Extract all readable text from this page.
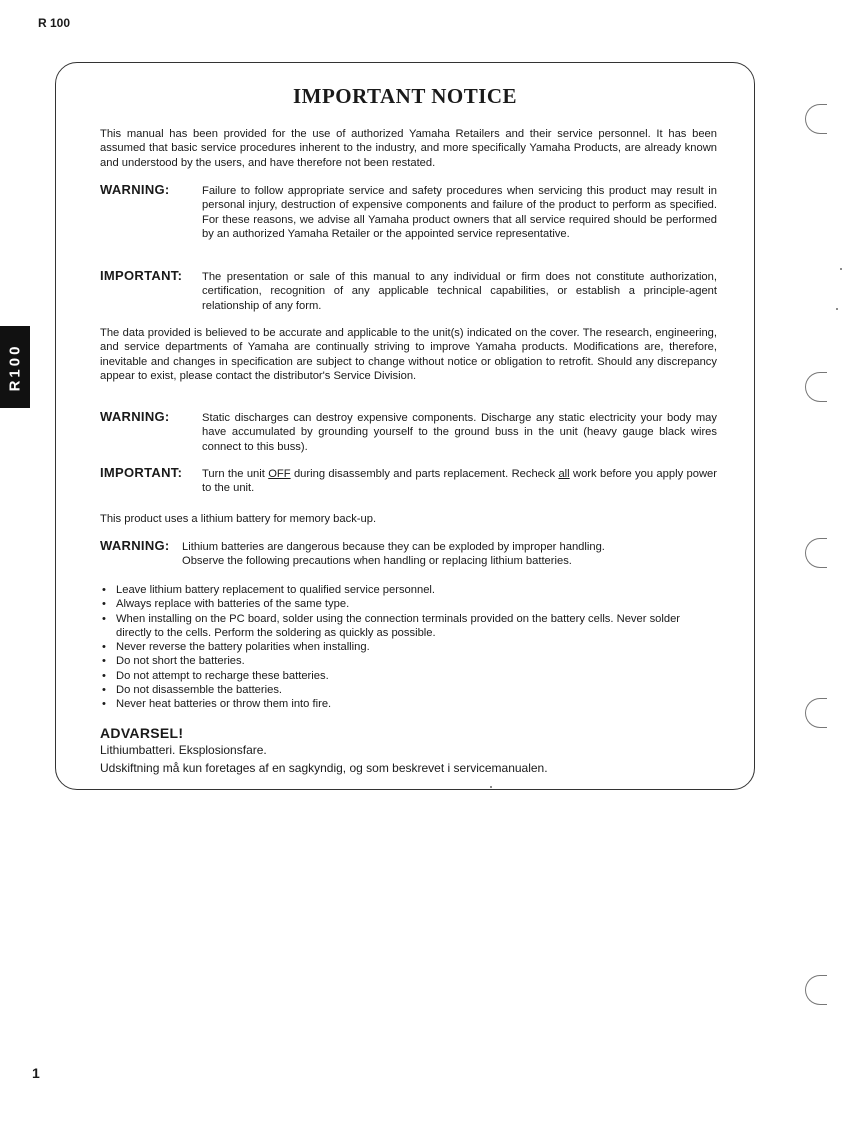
R 100
R100
IMPORTANT NOTICE

This manual has been provided for the use of authorized Yamaha Retailers and their service personnel. It has been assumed that basic service procedures inherent to the industry, and more specifically Yamaha Products, are already known and understood by the users, and have therefore not been restated.

WARNING:	Failure to follow appropriate service and safety procedures when servicing this product may result in personal injury, destruction of expensive components and failure of the product to perform as specified. For these reasons, we advise all Yamaha product owners that all service required should be performed by an authorized Yamaha Retailer or the appointed service representative.

IMPORTANT: The presentation or sale of this manual to any individual or firm does not constitute authorization, certification, recognition of any applicable technical capabilities, or establish a principle-agent relationship of any form.

The data provided is believed to be accurate and applicable to the unit(s) indicated on the cover. The research, engineering, and service departments of Yamaha are continually striving to improve Yamaha products. Modifications are, therefore, inevitable and changes in specification are subject to change without notice or obligation to retrofit. Should any discrepancy appear to exist, please contact the distributor's Service Division.

WARNING:	Static discharges can destroy expensive components. Discharge any static electricity your body may have accumulated by grounding yourself to the ground buss in the unit (heavy gauge black wires connect to this buss).

IMPORTANT: Turn the unit OFF during disassembly and parts replacement. Recheck all work before you apply power to the unit.

This product uses a lithium battery for memory back-up.

WARNING: Lithium batteries are dangerous because they can be exploded by improper handling.
Observe the following precautions when handling or replacing lithium batteries.

• Leave lithium battery replacement to qualified service personnel.
• Always replace with batteries of the same type.
• When installing on the PC board, solder using the connection terminals provided on the battery cells. Never solder directly to the cells. Perform the soldering as quickly as possible.
• Never reverse the battery polarities when installing.
• Do not short the batteries.
• Do not attempt to recharge these batteries.
• Do not disassemble the batteries.
• Never heat batteries or throw them into fire.
ADVARSEL!

Lithiumbatteri. Eksplosionsfare.

Udskiftning må kun foretages af en sagkyndig, og som beskrevet i servicemanualen.

1
